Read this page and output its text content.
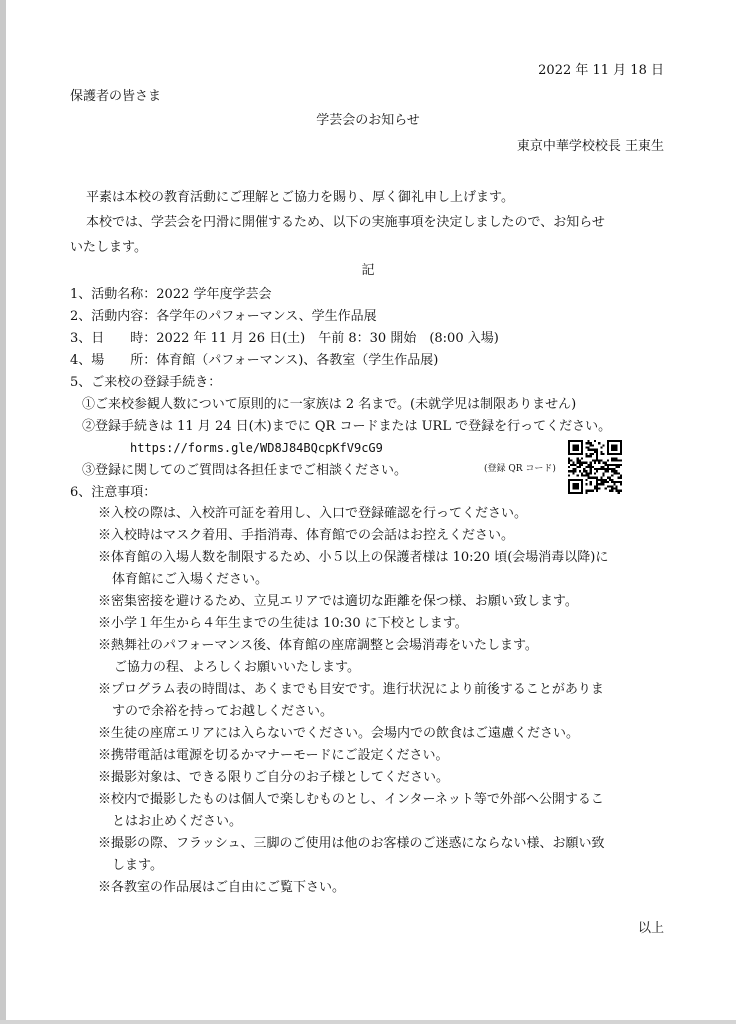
2022 年 11 月 18 日
保護者の皆さま
学芸会のお知らせ
東京中華学校校長 王東生
平素は本校の教育活動にご理解とご協力を賜り、厚く御礼申し上げます。
本校では、学芸会を円滑に開催するため、以下の実施事項を決定しましたので、お知らせ
いたします。
記
1、活動名称：2022 学年度学芸会
2、活動内容：各学年のパフォーマンス、学生作品展
3、日　　時：2022 年 11 月 26 日(土)　午前 8：30 開始　(8:00 入場)
4、場　　所：体育館（パフォーマンス)、各教室（学生作品展)
5、ご来校の登録手続き：
①ご来校参観人数について原則的に一家族は 2 名まで。(未就学児は制限ありません)
②登録手続きは 11 月 24 日(木)までに QR コードまたは URL で登録を行ってください。
https://forms.gle/WD8J84BQcpKfV9cG9
③登録に関してのご質問は各担任までご相談ください。	(登録 QR コード)
6、注意事項：
※入校の際は、入校許可証を着用し、入口で登録確認を行ってください。
※入校時はマスク着用、手指消毒、体育館での会話はお控えください。
※体育館の入場人数を制限するため、小５以上の保護者様は 10:20 頃(会場消毒以降)に
体育館にご入場ください。
※密集密接を避けるため、立見エリアでは適切な距離を保つ様、お願い致します。
※小学１年生から４年生までの生徒は 10:30 に下校とします。
※熱舞社のパフォーマンス後、体育館の座席調整と会場消毒をいたします。
ご協力の程、よろしくお願いいたします。
※プログラム表の時間は、あくまでも目安です。進行状況により前後することがありま
すので余裕を持ってお越しください。
※生徒の座席エリアには入らないでください。会場内での飲食はご遠慮ください。
※携帯電話は電源を切るかマナーモードにご設定ください。
※撮影対象は、できる限りご自分のお子様としてください。
※校内で撮影したものは個人で楽しむものとし、インターネット等で外部へ公開するこ
とはお止めください。
※撮影の際、フラッシュ、三脚のご使用は他のお客様のご迷惑にならない様、お願い致
します。
※各教室の作品展はご自由にご覧下さい。
以上
